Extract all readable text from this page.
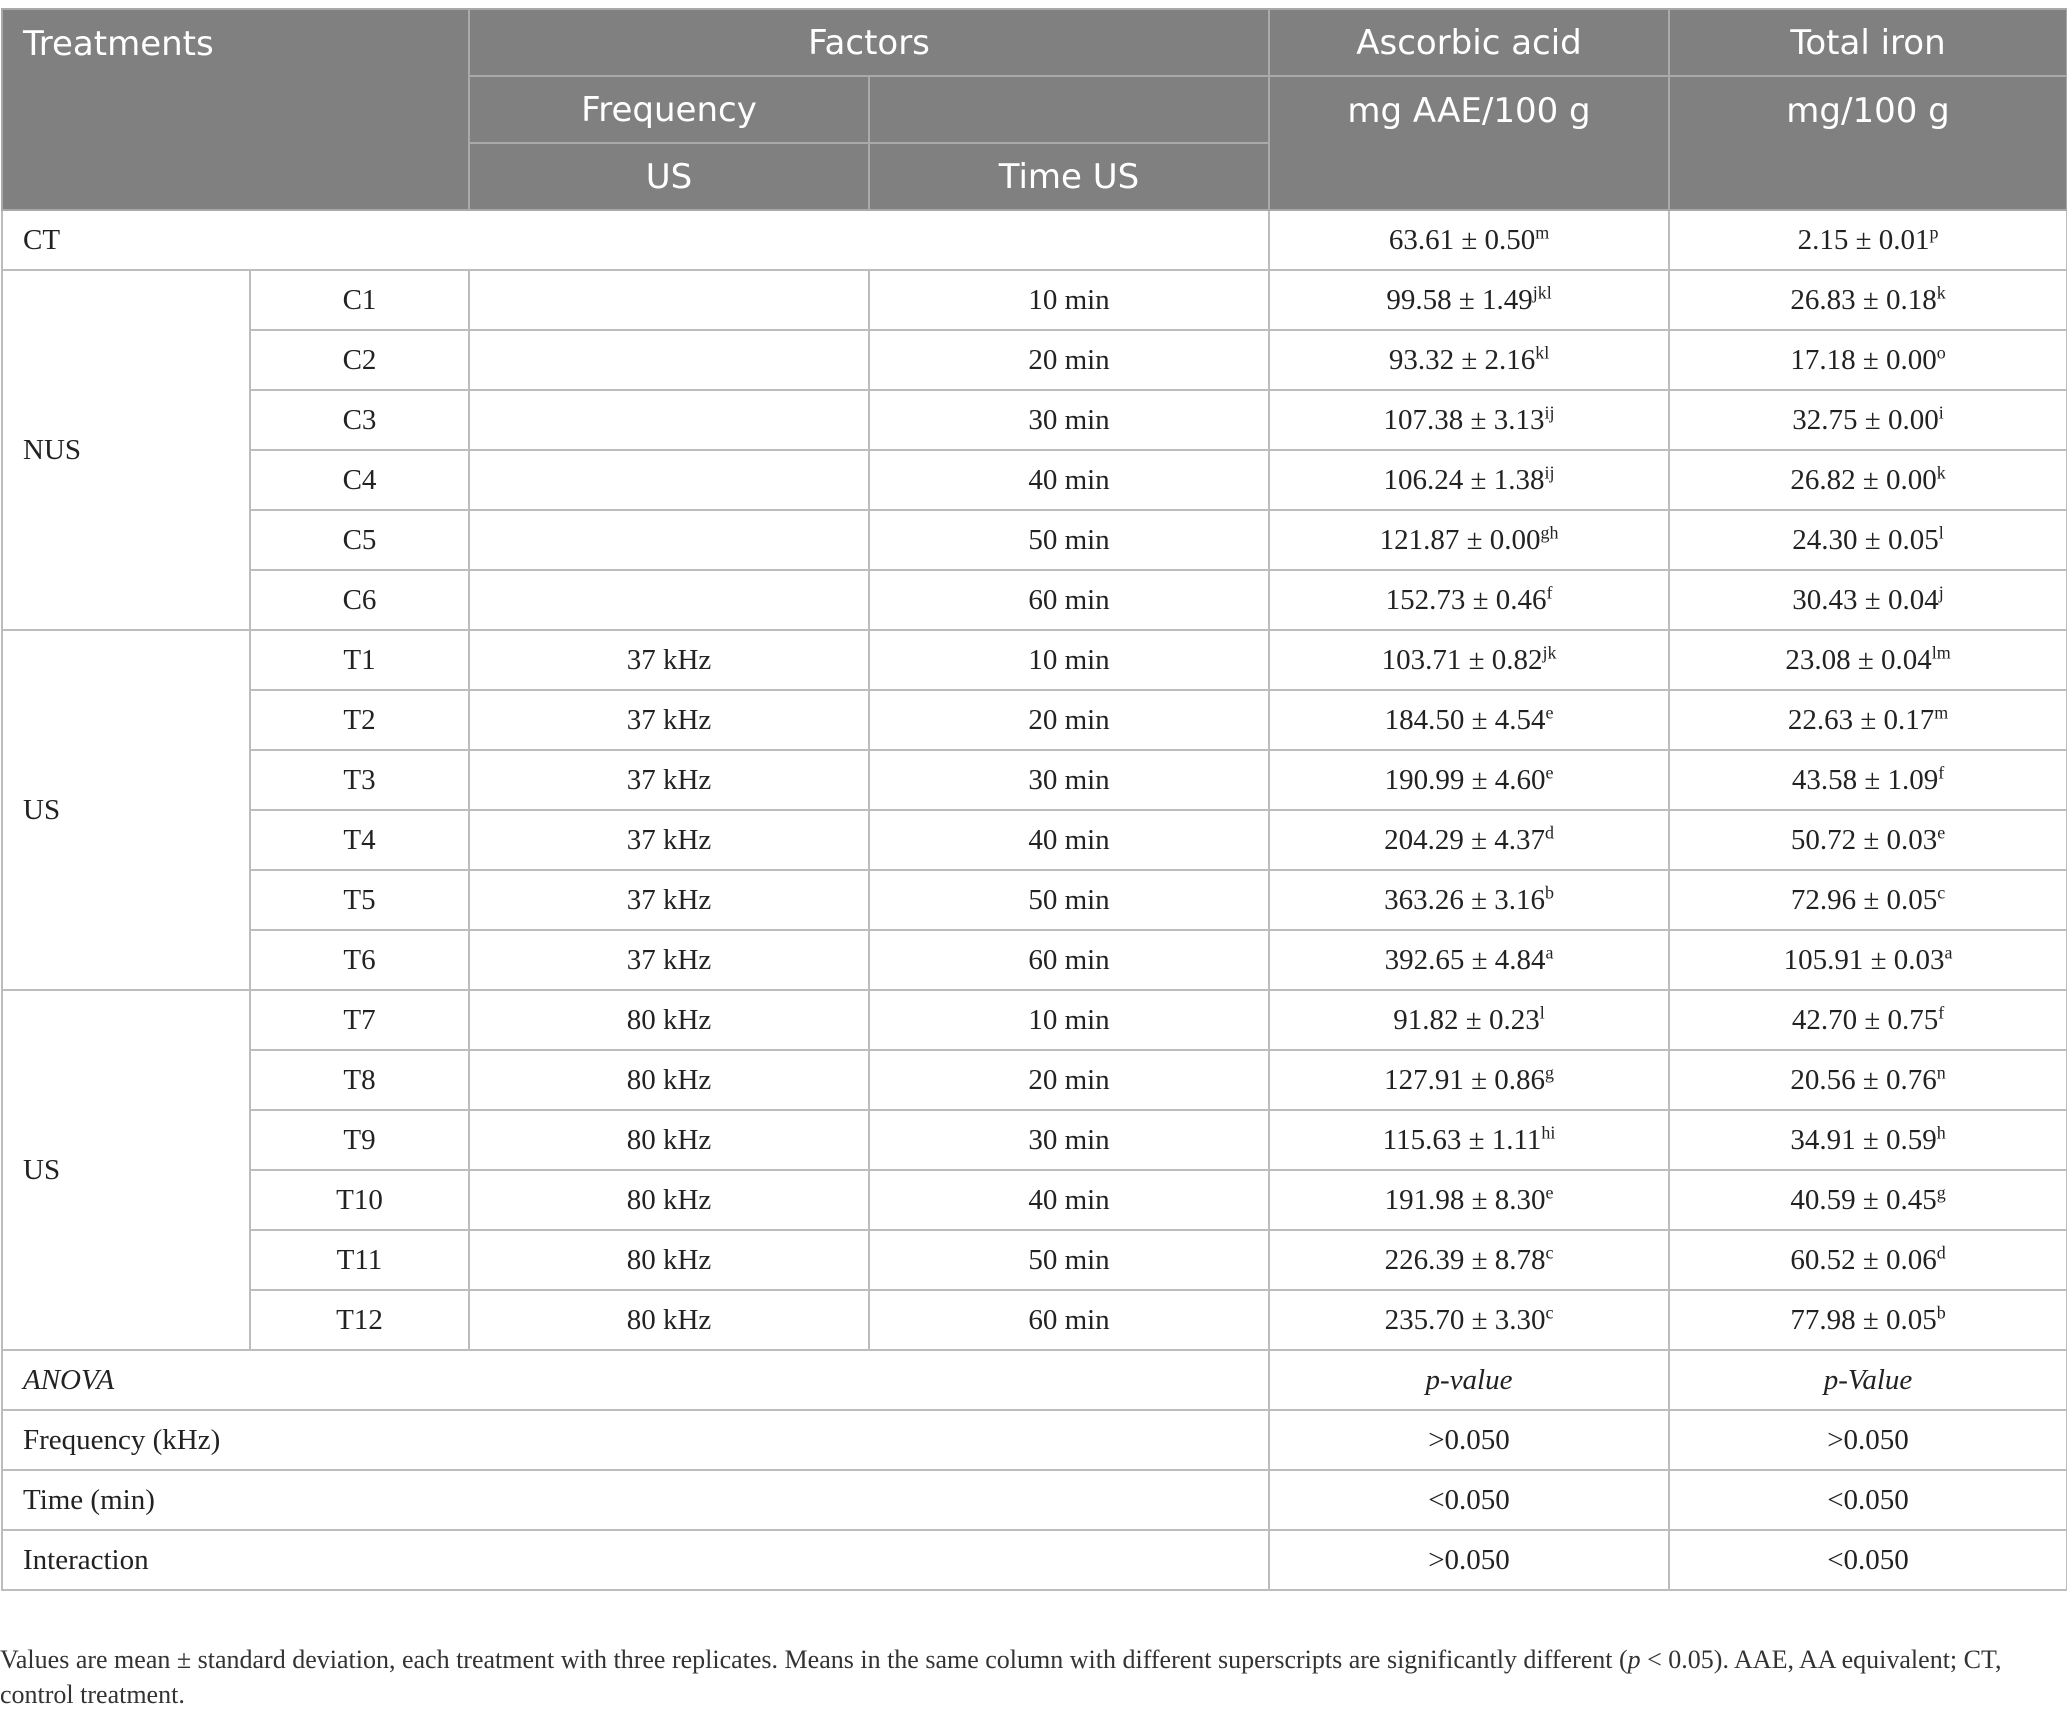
Treatments		Factors		Ascorbic acid	Total iron
		Frequency		mg AAE/100 g	mg/100 g
		US	Time US		
CT				$63.61 \pm 0.50^m$	$2.15 \pm 0.01^p$
NUS	C1		10 min	$99.58 \pm 1.49^{jkl}$	$26.83 \pm 0.18^k$
	C2		20 min	$93.32 \pm 2.16^{kl}$	$17.18 \pm 0.00^o$
	C3		30 min	$107.38 \pm 3.13^{ij}$	$32.75 \pm 0.00^i$
	C4		40 min	$106.24 \pm 1.38^{ij}$	$26.82 \pm 0.00^k$
	C5		50 min	121.87 ± 0.00$^{gh}$	$24.30 \pm 0.05^l$
	C6		60 min	152.73 ± 0.46$^f$	$30.43 \pm 0.04^j$
US	T1	37 kHz	10 min	$103.71 \pm 0.82^{jk}$	$23.08 \pm 0.04^{lm}$
	T2	37 kHz	20 min	184.50 ± 4.54$^e$	$22.63 \pm 0.17^m$
	T3	37 kHz	30 min	190.99 ± 4.60$^e$	43.58 ± 1.09$^f$
	T4	37 kHz	40 min	204.29 ± 4.37$^d$	50.72 ± 0.03$^e$
	T5	37 kHz	50 min	363.26 ± 3.16$^b$	72.96 ± 0.05$^c$
	T6	37 kHz	60 min	392.65 ± 4.84$^a$	105.91 ± 0.03$^a$
US	T7	80 kHz	10 min	$91.82 \pm 0.23^l$	42.70 ± 0.75$^f$
	T8	80 kHz	20 min	127.91 ± 0.86$^g$	$20.56 \pm 0.76^n$
	T9	80 kHz	30 min	$115.63 \pm 1.11^{hi}$	34.91 ± 0.59$^h$
	T10	80 kHz	40 min	191.98 ± 8.30$^e$	40.59 ± 0.45$^g$
	T11	80 kHz	50 min	226.39 ± 8.78$^c$	60.52 ± 0.06$^d$
	T12	80 kHz	60 min	235.70 ± 3.30$^c$	77.98 ± 0.05$^b$
ANOVA				p-value	p-Value
Frequency (kHz)				>0.050	>0.050
Time (min)				<0.050	<0.050
Interaction				>0.050	<0.050
Values are mean ± standard deviation, each treatment with three replicates. Means in the same column with different superscripts are significantly different (p < 0.05). AAE, AA equivalent; CT, control treatment.
